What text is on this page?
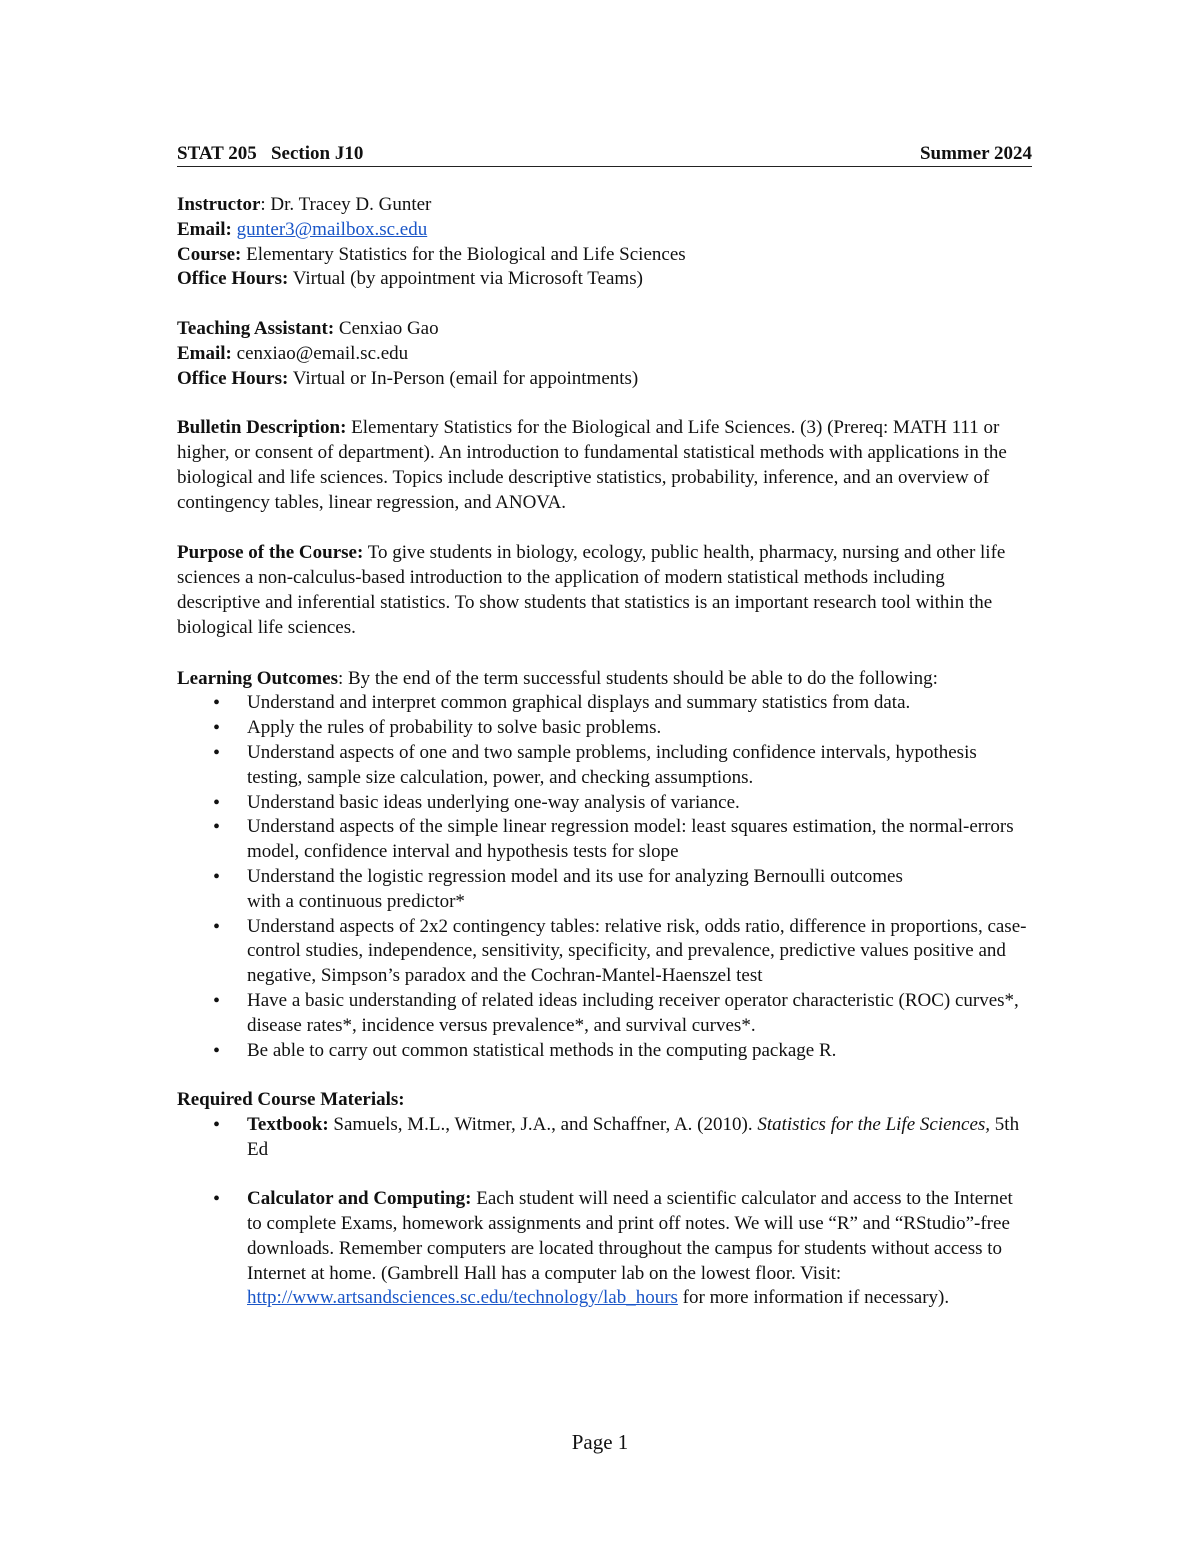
STAT 205   Section J10	Summer 2024
Instructor: Dr. Tracey D. Gunter
Email: gunter3@mailbox.sc.edu
Course: Elementary Statistics for the Biological and Life Sciences
Office Hours: Virtual (by appointment via Microsoft Teams)
Teaching Assistant: Cenxiao Gao
Email: cenxiao@email.sc.edu
Office Hours: Virtual or In-Person (email for appointments)

Bulletin Description: Elementary Statistics for the Biological and Life Sciences. (3) (Prereq: MATH 111 or higher, or consent of department). An introduction to fundamental statistical methods with applications in the biological and life sciences. Topics include descriptive statistics, probability, inference, and an overview of contingency tables, linear regression, and ANOVA.

Purpose of the Course: To give students in biology, ecology, public health, pharmacy, nursing and other life sciences a non-calculus-based introduction to the application of modern statistical methods including descriptive and inferential statistics. To show students that statistics is an important research tool within the biological life sciences.

Learning Outcomes: By the end of the term successful students should be able to do the following:

• Understand and interpret common graphical displays and summary statistics from data.
• Apply the rules of probability to solve basic problems.
• Understand aspects of one and two sample problems, including confidence intervals, hypothesis testing, sample size calculation, power, and checking assumptions.
• Understand basic ideas underlying one-way analysis of variance.
• Understand aspects of the simple linear regression model: least squares estimation, the normal-errors model, confidence interval and hypothesis tests for slope
• Understand the logistic regression model and its use for analyzing Bernoulli outcomes with a continuous predictor*
• Understand aspects of 2x2 contingency tables: relative risk, odds ratio, difference in proportions, case-control studies, independence, sensitivity, specificity, and prevalence, predictive values positive and negative, Simpson’s paradox and the Cochran-Mantel-Haenszel test
• Have a basic understanding of related ideas including receiver operator characteristic (ROC) curves*, disease rates*, incidence versus prevalence*, and survival curves*.
• Be able to carry out common statistical methods in the computing package R.
Required Course Materials:
• Textbook: Samuels, M.L., Witmer, J.A., and Schaffner, A. (2010). Statistics for the Life Sciences, 5th Ed
• Calculator and Computing: Each student will need a scientific calculator and access to the Internet to complete Exams, homework assignments and print off notes. We will use “R” and “RStudio”-free downloads. Remember computers are located throughout the campus for students without access to Internet at home. (Gambrell Hall has a computer lab on the lowest floor. Visit: http://www.artsandsciences.sc.edu/technology/lab_hours for more information if necessary).
Page 1
